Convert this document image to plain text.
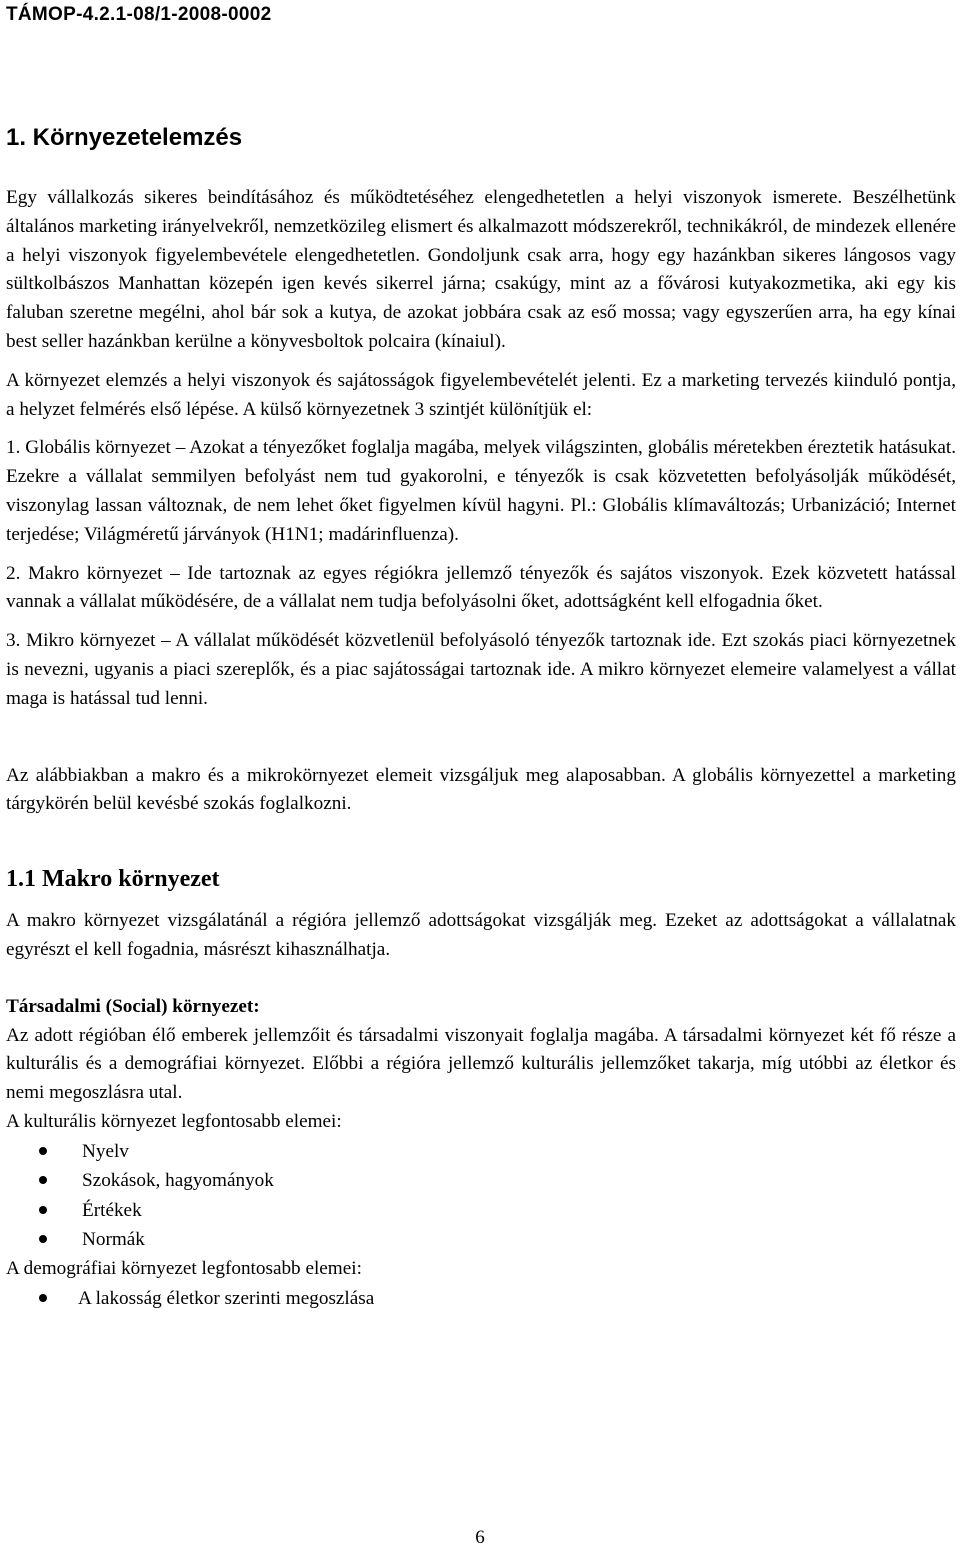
TÁMOP-4.2.1-08/1-2008-0002
1. Környezetelemzés

Egy vállalkozás sikeres beindításához és működtetéséhez elengedhetetlen a helyi viszonyok ismerete. Beszélhetünk általános marketing irányelvekről, nemzetközileg elismert és alkalmazott módszerekről, technikákról, de mindezek ellenére a helyi viszonyok figyelembevétele elengedhetetlen. Gondoljunk csak arra, hogy egy hazánkban sikeres lángosos vagy sültkolbászos Manhattan közepén igen kevés sikerrel járna; csakúgy, mint az a fővárosi kutyakozmetika, aki egy kis faluban szeretne megélni, ahol bár sok a kutya, de azokat jobbára csak az eső mossa; vagy egyszerűen arra, ha egy kínai best seller hazánkban kerülne a könyvesboltok polcaira (kínaiul).

A környezet elemzés a helyi viszonyok és sajátosságok figyelembevételét jelenti. Ez a marketing tervezés kiinduló pontja, a helyzet felmérés első lépése. A külső környezetnek 3 szintjét különítjük el:

1. Globális környezet – Azokat a tényezőket foglalja magába, melyek világszinten, globális méretekben éreztetik hatásukat. Ezekre a vállalat semmilyen befolyást nem tud gyakorolni, e tényezők is csak közvetetten befolyásolják működését, viszonylag lassan változnak, de nem lehet őket figyelmen kívül hagyni. Pl.: Globális klímaváltozás; Urbanizáció; Internet terjedése; Világméretű járványok (H1N1; madárinfluenza).

2. Makro környezet – Ide tartoznak az egyes régiókra jellemző tényezők és sajátos viszonyok. Ezek közvetett hatással vannak a vállalat működésére, de a vállalat nem tudja befolyásolni őket, adottságként kell elfogadnia őket.

3. Mikro környezet – A vállalat működését közvetlenül befolyásoló tényezők tartoznak ide. Ezt szokás piaci környezetnek is nevezni, ugyanis a piaci szereplők, és a piac sajátosságai tartoznak ide. A mikro környezet elemeire valamelyest a vállat maga is hatással tud lenni.

Az alábbiakban a makro és a mikrokörnyezet elemeit vizsgáljuk meg alaposabban. A globális környezettel a marketing tárgykörén belül kevésbé szokás foglalkozni.

1.1 Makro környezet

A makro környezet vizsgálatánál a régióra jellemző adottságokat vizsgálják meg. Ezeket az adottságokat a vállalatnak egyrészt el kell fogadnia, másrészt kihasználhatja.

Társadalmi (Social) környezet:
Az adott régióban élő emberek jellemzőit és társadalmi viszonyait foglalja magába. A társadalmi környezet két fő része a kulturális és a demográfiai környezet. Előbbi a régióra jellemző kulturális jellemzőket takarja, míg utóbbi az életkor és nemi megoszlásra utal.
A kulturális környezet legfontosabb elemei:
Nyelv
Szokások, hagyományok
Értékek
Normák
A demográfiai környezet legfontosabb elemei:
A lakosság életkor szerinti megoszlása
6
